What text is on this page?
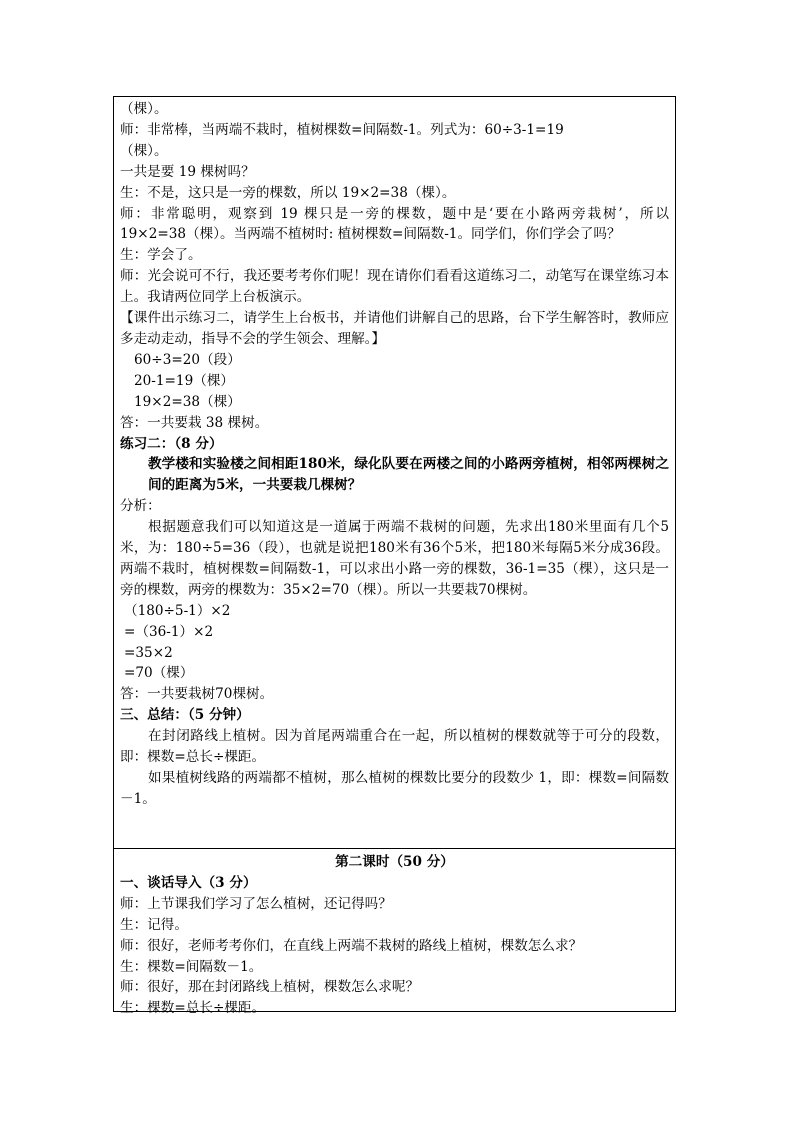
（棵）。

师：非常棒，当两端不栽时，植树棵数=间隔数-1。列式为：60÷3-1=19

（棵）。

一共是要 19 棵树吗？

生：不是，这只是一旁的棵数，所以 19×2=38（棵）。

师：非常聪明，观察到 19 棵只是一旁的棵数，题中是‘要在小路两旁栽树’，所以 19×2=38（棵）。当两端不植树时: 植树棵数=间隔数-1。同学们，你们学会了吗？

生：学会了。

师：光会说可不行，我还要考考你们呢！现在请你们看看这道练习二，动笔写在课堂练习本上。我请两位同学上台板演示。

【课件出示练习二，请学生上台板书，并请他们讲解自己的思路，台下学生解答时，教师应多走动走动，指导不会的学生领会、理解。】

60÷3=20（段）

20-1=19（棵）

19×2=38（棵）

答：一共要栽 38 棵树。

练习二：（8 分）

教学楼和实验楼之间相距180米，绿化队要在两楼之间的小路两旁植树，相邻两棵树之间的距离为5米，一共要栽几棵树？

分析：

根据题意我们可以知道这是一道属于两端不栽树的问题，先求出180米里面有几个5米，为：180÷5=36（段），也就是说把180米有36个5米，把180米每隔5米分成36段。两端不栽时，植树棵数=间隔数-1，可以求出小路一旁的棵数，36-1=35（棵），这只是一旁的棵数，两旁的棵数为：35×2=70（棵）。所以一共要栽70棵树。

（180÷5-1）×2

=（36-1）×2

=35×2

=70（棵）

答：一共要栽树70棵树。

三、总结：（5 分钟）

在封闭路线上植树。因为首尾两端重合在一起，所以植树的棵数就等于可分的段数，即：棵数=总长÷棵距。

如果植树线路的两端都不植树，那么植树的棵数比要分的段数少 1，即：棵数=间隔数－1。

第二课时（50 分）

一、谈话导入（3 分）

师：上节课我们学习了怎么植树，还记得吗？

生：记得。

师：很好，老师考考你们，在直线上两端不栽树的路线上植树，棵数怎么求？

生：棵数=间隔数－1。

师：很好，那在封闭路线上植树，棵数怎么求呢？

生：棵数=总长÷棵距。
